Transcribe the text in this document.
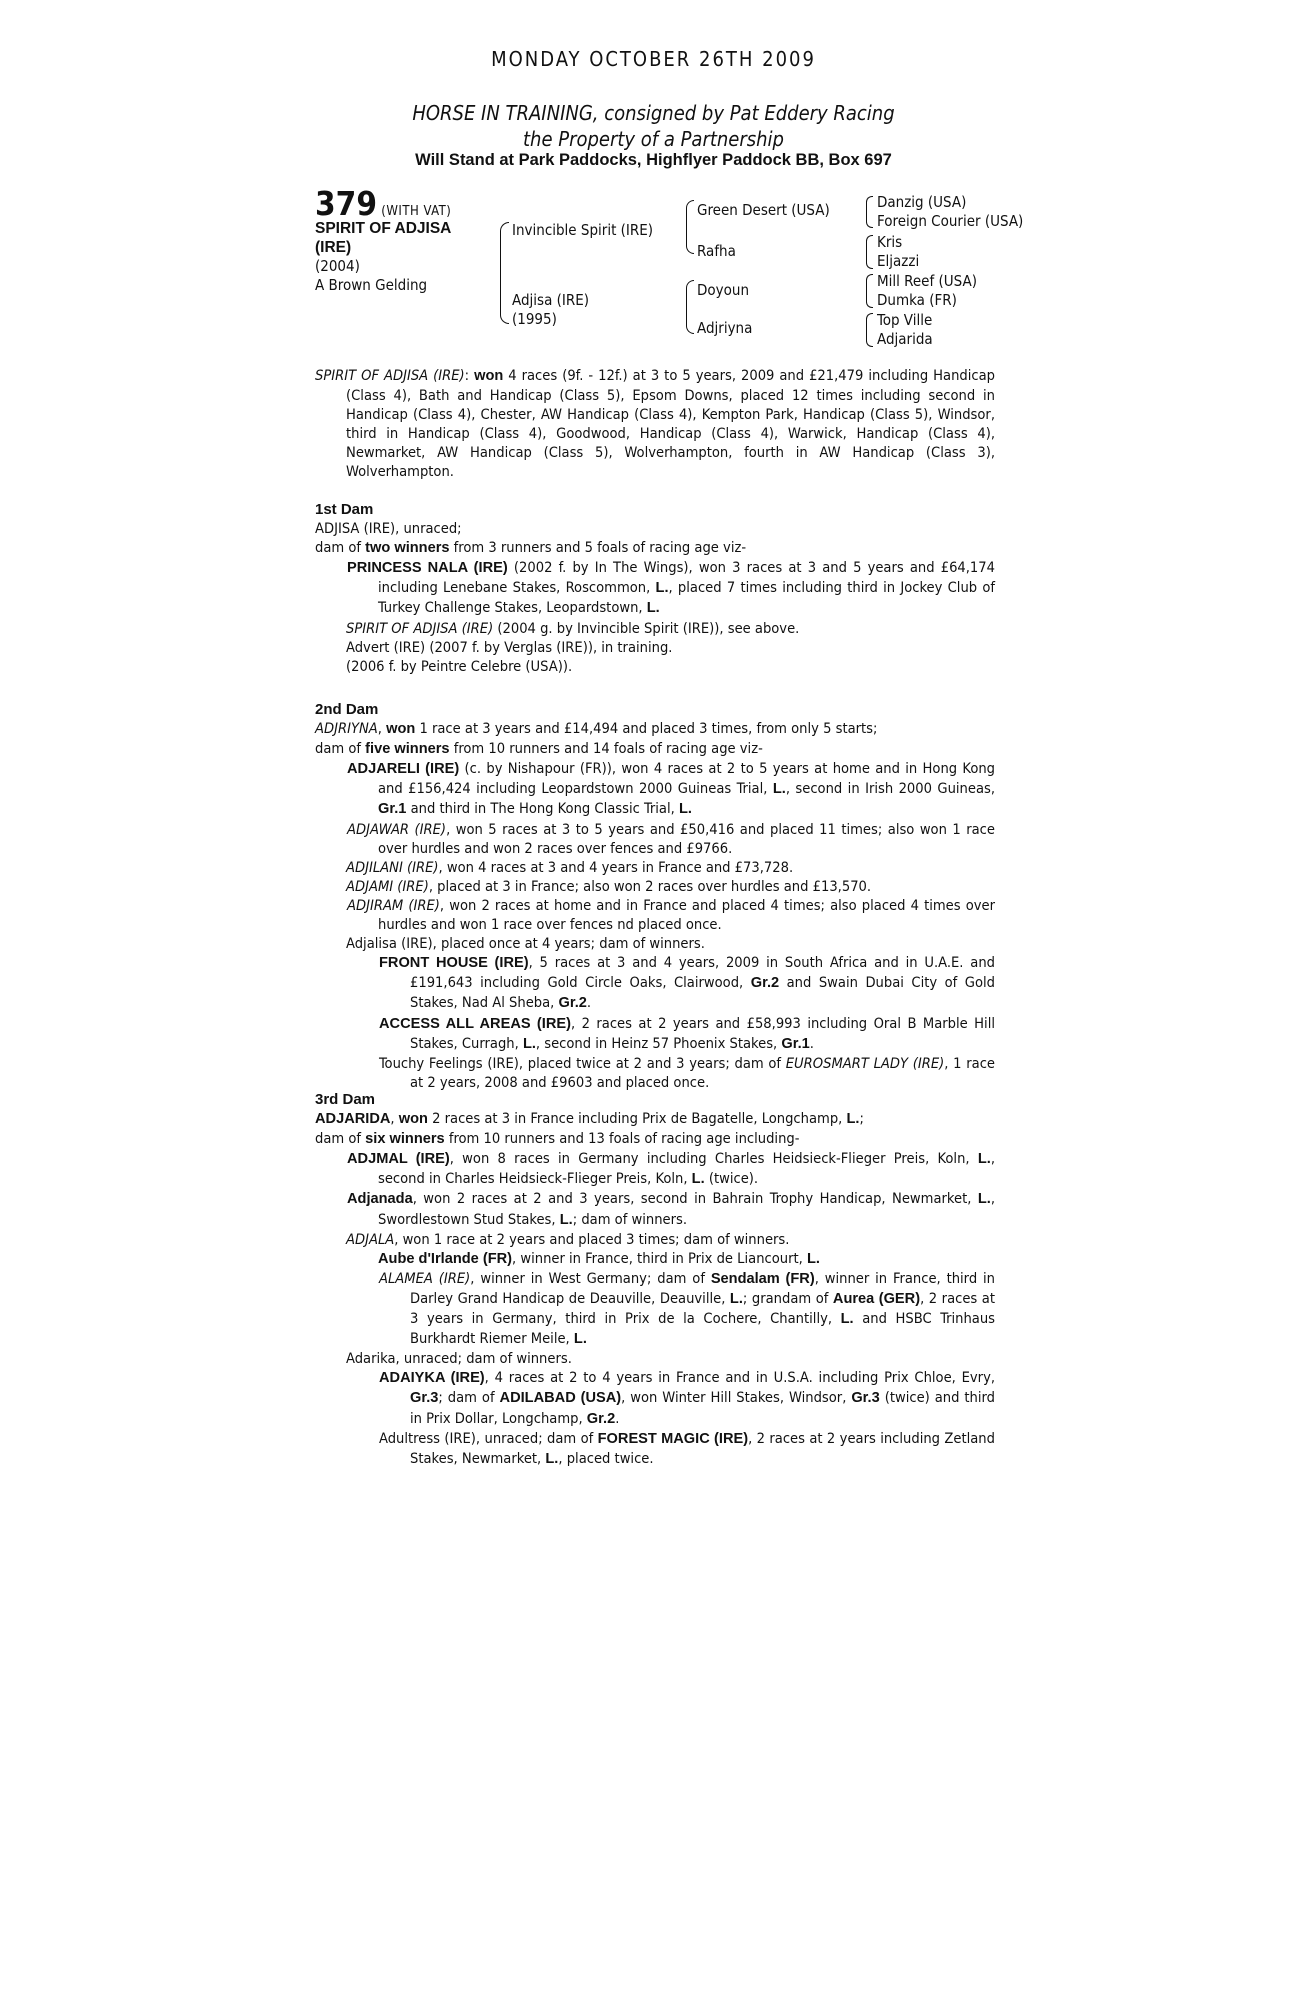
MONDAY OCTOBER 26TH 2009
HORSE IN TRAINING, consigned by Pat Eddery Racing
the Property of a Partnership
Will Stand at Park Paddocks, Highflyer Paddock BB, Box 697
379 (WITH VAT)
SPIRIT OF ADJISA
(IRE)
(2004)
A Brown Gelding
Invincible Spirit (IRE)
Adjisa (IRE)
(1995)
Green Desert (USA)
Rafha
Doyoun
Adjriyna
Danzig (USA)
Foreign Courier (USA)
Kris
Eljazzi
Mill Reef (USA)
Dumka (FR)
Top Ville
Adjarida

SPIRIT OF ADJISA (IRE): won 4 races (9f. - 12f.) at 3 to 5 years, 2009 and £21,479 including Handicap (Class 4), Bath and Handicap (Class 5), Epsom Downs, placed 12 times including second in Handicap (Class 4), Chester, AW Handicap (Class 4), Kempton Park, Handicap (Class 5), Windsor, third in Handicap (Class 4), Goodwood, Handicap (Class 4), Warwick, Handicap (Class 4), Newmarket, AW Handicap (Class 5), Wolverhampton, fourth in AW Handicap (Class 3), Wolverhampton.

1st Dam

ADJISA (IRE), unraced;

dam of two winners from 3 runners and 5 foals of racing age viz-

PRINCESS NALA (IRE) (2002 f. by In The Wings), won 3 races at 3 and 5 years and £64,174 including Lenebane Stakes, Roscommon, L., placed 7 times including third in Jockey Club of Turkey Challenge Stakes, Leopardstown, L.

SPIRIT OF ADJISA (IRE) (2004 g. by Invincible Spirit (IRE)), see above.

Advert (IRE) (2007 f. by Verglas (IRE)), in training.

(2006 f. by Peintre Celebre (USA)).

2nd Dam

ADJRIYNA, won 1 race at 3 years and £14,494 and placed 3 times, from only 5 starts;

dam of five winners from 10 runners and 14 foals of racing age viz-

ADJARELI (IRE) (c. by Nishapour (FR)), won 4 races at 2 to 5 years at home and in Hong Kong and £156,424 including Leopardstown 2000 Guineas Trial, L., second in Irish 2000 Guineas, Gr.1 and third in The Hong Kong Classic Trial, L.

ADJAWAR (IRE), won 5 races at 3 to 5 years and £50,416 and placed 11 times; also won 1 race over hurdles and won 2 races over fences and £9766.

ADJILANI (IRE), won 4 races at 3 and 4 years in France and £73,728.

ADJAMI (IRE), placed at 3 in France; also won 2 races over hurdles and £13,570.

ADJIRAM (IRE), won 2 races at home and in France and placed 4 times; also placed 4 times over hurdles and won 1 race over fences nd placed once.

Adjalisa (IRE), placed once at 4 years; dam of winners.

FRONT HOUSE (IRE), 5 races at 3 and 4 years, 2009 in South Africa and in U.A.E. and £191,643 including Gold Circle Oaks, Clairwood, Gr.2 and Swain Dubai City of Gold Stakes, Nad Al Sheba, Gr.2.

ACCESS ALL AREAS (IRE), 2 races at 2 years and £58,993 including Oral B Marble Hill Stakes, Curragh, L., second in Heinz 57 Phoenix Stakes, Gr.1.

Touchy Feelings (IRE), placed twice at 2 and 3 years; dam of EUROSMART LADY (IRE), 1 race at 2 years, 2008 and £9603 and placed once.

3rd Dam

ADJARIDA, won 2 races at 3 in France including Prix de Bagatelle, Longchamp, L.;

dam of six winners from 10 runners and 13 foals of racing age including-

ADJMAL (IRE), won 8 races in Germany including Charles Heidsieck-Flieger Preis, Koln, L., second in Charles Heidsieck-Flieger Preis, Koln, L. (twice).

Adjanada, won 2 races at 2 and 3 years, second in Bahrain Trophy Handicap, Newmarket, L., Swordlestown Stud Stakes, L.; dam of winners.

ADJALA, won 1 race at 2 years and placed 3 times; dam of winners.

Aube d'Irlande (FR), winner in France, third in Prix de Liancourt, L.

ALAMEA (IRE), winner in West Germany; dam of Sendalam (FR), winner in France, third in Darley Grand Handicap de Deauville, Deauville, L.; grandam of Aurea (GER), 2 races at 3 years in Germany, third in Prix de la Cochere, Chantilly, L. and HSBC Trinhaus Burkhardt Riemer Meile, L.

Adarika, unraced; dam of winners.

ADAIYKA (IRE), 4 races at 2 to 4 years in France and in U.S.A. including Prix Chloe, Evry, Gr.3; dam of ADILABAD (USA), won Winter Hill Stakes, Windsor, Gr.3 (twice) and third in Prix Dollar, Longchamp, Gr.2.

Adultress (IRE), unraced; dam of FOREST MAGIC (IRE), 2 races at 2 years including Zetland Stakes, Newmarket, L., placed twice.
